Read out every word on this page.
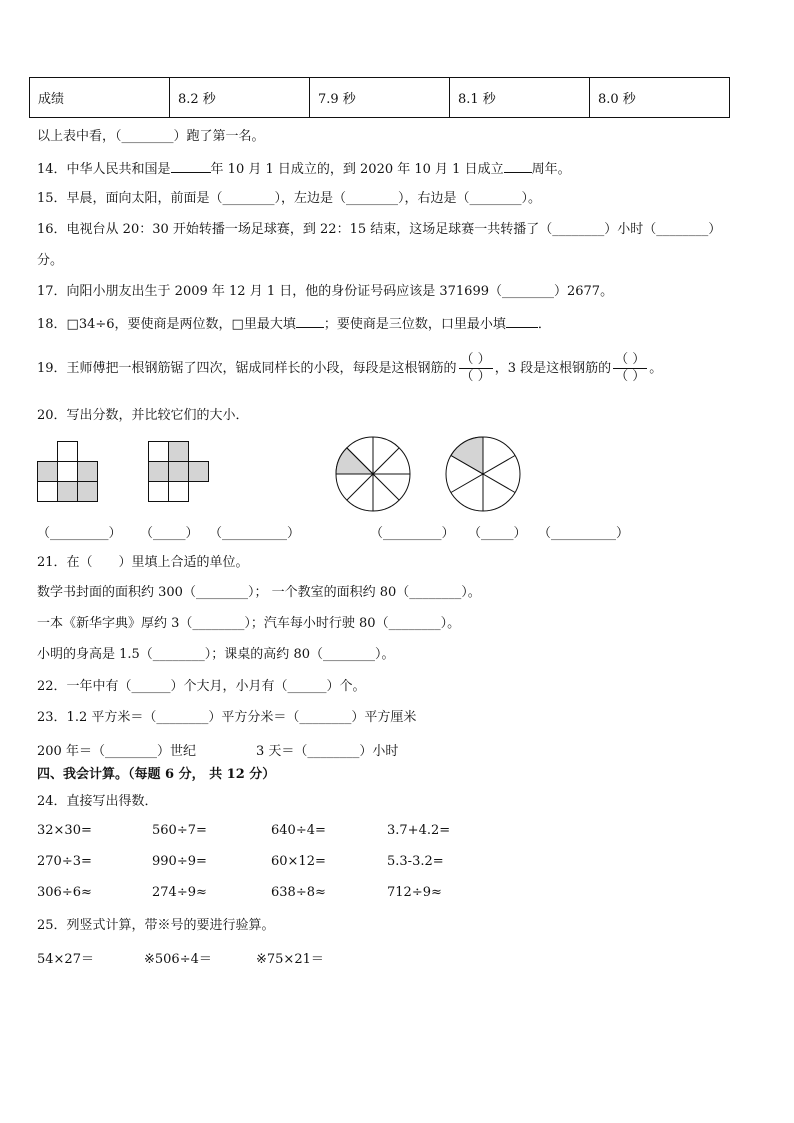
成绩	8.2 秒	7.9 秒	8.1 秒	8.0 秒
以上表中看，（________）跑了第一名。
14．中华人民共和国是	年 10 月 1 日成立的，到 2020 年 10 月 1 日成立 周年。
15．早晨，面向太阳，前面是（________），左边是（________），右边是（________）。
16．电视台从 20：30 开始转播一场足球赛，到 22：15 结束，这场足球赛一共转播了（________）小时（________）
分。
17．向阳小朋友出生于 2009 年 12 月 1 日，他的身份证号码应该是 371699（________）2677。
18．□34÷6，要使商是两位数，□里最大填 ；要使商是三位数，口里最小填 ．
19．王师傅把一根钢筋锯了四次，锯成同样长的小段，每段是这根钢筋的 $\frac{( )}{( )}$ ，3 段是这根钢筋的 $\frac{( )}{( )}$ 。
20．写出分数，并比较它们的大小．
（_________） （_____） （__________）	（_________） （_____） （__________）
21．在（　　）里填上合适的单位。
数学书封面的面积约 300（________）； 一个教室的面积约 80（________）。
一本《新华字典》厚约 3（________）；汽车每小时行驶 80（________）。
小明的身高是 1.5（________）；课桌的高约 80（________）。
22．一年中有（______）个大月，小月有（______）个。
23．1.2 平方米＝（________）平方分米＝（________）平方厘米
200 年＝（________）世纪	3 天＝（________）小时
四、我会计算。（每题 6 分， 共 12 分）
24．直接写出得数．
32×30=	560÷7=	640÷4=	3.7+4.2=
270÷3=	990÷9=	60×12=	5.3-3.2=
306÷6≈	274÷9≈	638÷8≈	712÷9≈
25．列竖式计算，带※号的要进行验算。
54×27＝	※506÷4＝	※75×21＝
